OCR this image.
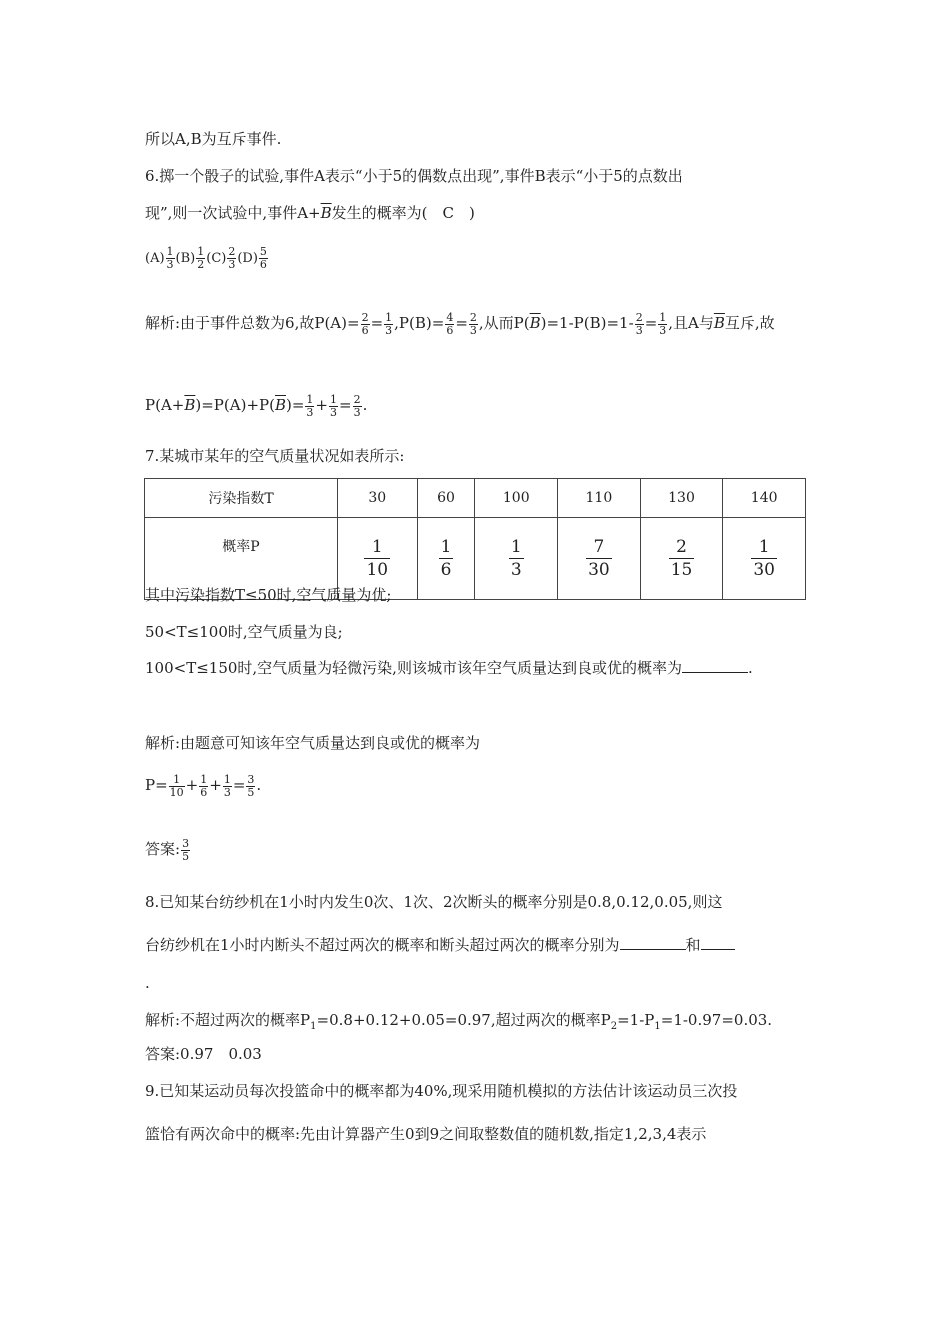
所以A,B为互斥事件.
6.掷一个骰子的试验,事件A表示“小于5的偶数点出现”,事件B表示“小于5的点数出
现”,则一次试验中,事件$A+\overline{B}$发生的概率为(　C　)
$(A) \frac{1}{3} (B) \frac{1}{2} (C) \frac{2}{3} (D) \frac{5}{6}$
解析:由于事件总数为6,故$P(A)= \frac{2}{6} = \frac{1}{3} ,P(B)= \frac{4}{6} = \frac{2}{3}$ ,从而$P(\overline{B})=1-P(B)=1- \frac{2}{3} = \frac{1}{3}$ ,且A与$\overline{B}$互斥,故
$P(A+\overline{B})=P(A)+P(\overline{B})= \frac{1}{3} + \frac{1}{3} = \frac{2}{3}$ .
7.某城市某年的空气质量状况如表所示:
污染指数T	30	60	100	110	130	140
概率P	$\frac{1}{10}$	$\frac{1}{6}$	$\frac{1}{3}$	$\frac{7}{30}$	$\frac{2}{15}$	$\frac{1}{30}$
其中污染指数T≤50时,空气质量为优;
50<T≤100时,空气质量为良;
100<T≤150时,空气质量为轻微污染,则该城市该年空气质量达到良或优的概率为	.
解析:由题意可知该年空气质量达到良或优的概率为
$P= \frac{1}{10} + \frac{1}{6} + \frac{1}{3} = \frac{3}{5}$ .
答案: $\frac{3}{5}$
8.已知某台纺纱机在1小时内发生0次、1次、2次断头的概率分别是0.8,0.12,0.05,则这
台纺纱机在1小时内断头不超过两次的概率和断头超过两次的概率分别为	和
.
解析:不超过两次的概率$P_1=0.8+0.12+0.05=0.97$,超过两次的概率$P_2=1-P_1=1-0.97=0.03$.
答案:0.97　0.03
9.已知某运动员每次投篮命中的概率都为40%,现采用随机模拟的方法估计该运动员三次投
篮恰有两次命中的概率:先由计算器产生0到9之间取整数值的随机数,指定1,2,3,4表示
